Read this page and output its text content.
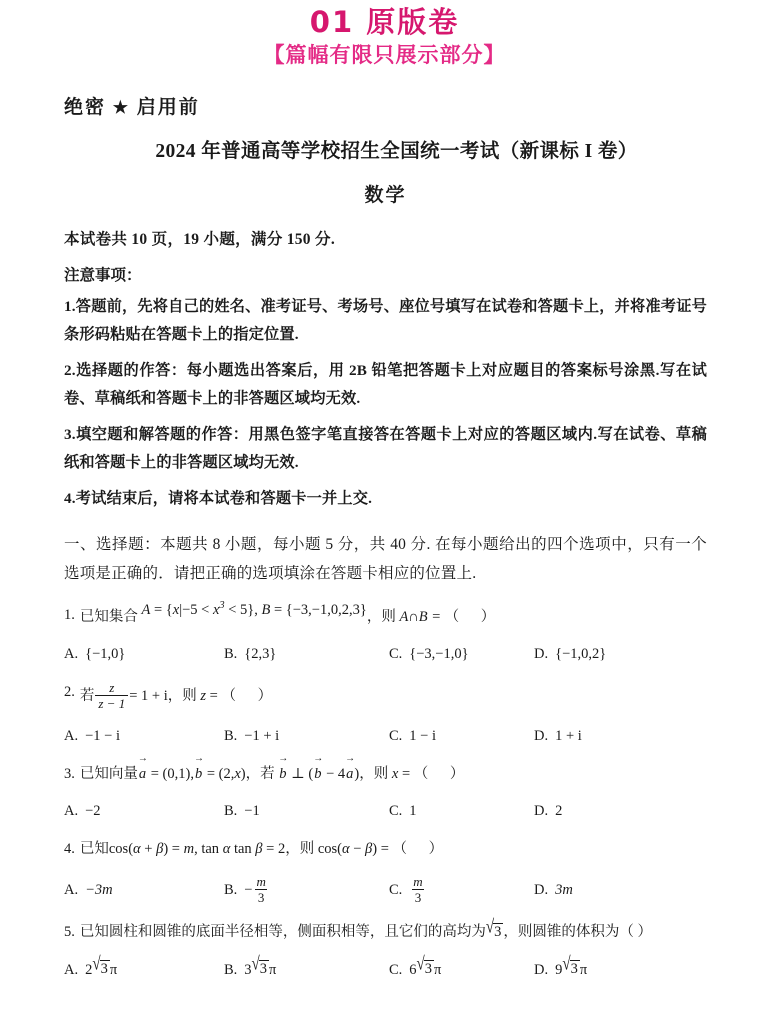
01 原版卷
【篇幅有限只展示部分】
绝密 ★ 启用前
2024 年普通高等学校招生全国统一考试（新课标 I 卷）
数学
本试卷共 10 页，19 小题，满分 150 分.
注意事项：
1.答题前，先将自己的姓名、准考证号、考场号、座位号填写在试卷和答题卡上，并将准考证号条形码粘贴在答题卡上的指定位置.
2.选择题的作答：每小题选出答案后，用 2B 铅笔把答题卡上对应题目的答案标号涂黑.写在试卷、草稿纸和答题卡上的非答题区域均无效.
3.填空题和解答题的作答：用黑色签字笔直接答在答题卡上对应的答题区域内.写在试卷、草稿纸和答题卡上的非答题区域均无效.
4.考试结束后，请将本试卷和答题卡一并上交.
一、选择题：本题共 8 小题，每小题 5 分，共 40 分. 在每小题给出的四个选项中，只有一个选项是正确的．请把正确的选项填涂在答题卡相应的位置上.
1. 已知集合 $A = \{x|-5 < x^3 < 5\}$, B = {−3,−1,0,2,3}，则 A∩B = （ ）
A. {−1,0}	B. {2,3}	C. {−3,−1,0}	D. {−1,0,2}
2. 若 $\frac{z}{z - 1} = 1 + i$，则 z = （ ）
A. −1 − i	B. −1 + i	C. 1 − i	D. 1 + i
3. 已知向量a → = (0,1),b → = (2,x)，若 b → ⊥ (b → − 4a →)，则 x = （ ）
A. −2	B. −1	C. 1	D. 2
4. 已知cos(α + β) = m, tan α tan β = 2，则 cos(α − β) = （ ）
A. −3m	B. − $\frac{m}{3}$	C. $\frac{m}{3}$	D. 3m
5. 已知圆柱和圆锥的底面半径相等，侧面积相等，且它们的高均为 √ 3 ，则圆锥的体积为（ ）
A. 2 √ 3 π	B. 3 √ 3 π	C. 6 √ 3 π	D. 9 √ 3 π
